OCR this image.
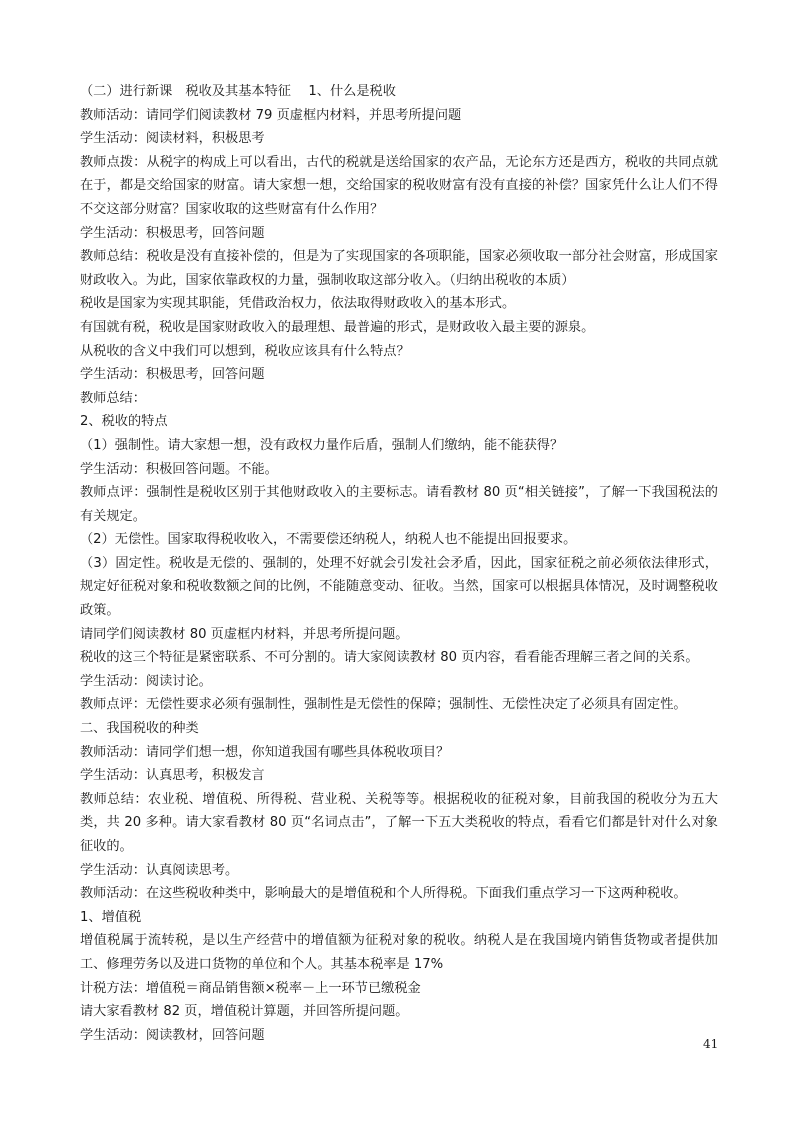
（二）进行新课　税收及其基本特征　 1、什么是税收

教师活动：请同学们阅读教材 79 页虚框内材料，并思考所提问题

学生活动：阅读材料，积极思考

教师点拨：从税字的构成上可以看出，古代的税就是送给国家的农产品，无论东方还是西方，税收的共同点就在于，都是交给国家的财富。请大家想一想，交给国家的税收财富有没有直接的补偿？国家凭什么让人们不得不交这部分财富？国家收取的这些财富有什么作用？

学生活动：积极思考，回答问题

教师总结：税收是没有直接补偿的，但是为了实现国家的各项职能，国家必须收取一部分社会财富，形成国家财政收入。为此，国家依靠政权的力量，强制收取这部分收入。（归纳出税收的本质）

税收是国家为实现其职能，凭借政治权力，依法取得财政收入的基本形式。

有国就有税，税收是国家财政收入的最理想、最普遍的形式，是财政收入最主要的源泉。

从税收的含义中我们可以想到，税收应该具有什么特点？

学生活动：积极思考，回答问题

教师总结：

2、税收的特点

（1）强制性。请大家想一想，没有政权力量作后盾，强制人们缴纳，能不能获得？

学生活动：积极回答问题。不能。

教师点评：强制性是税收区别于其他财政收入的主要标志。请看教材 80 页“相关链接”，了解一下我国税法的有关规定。

（2）无偿性。国家取得税收收入，不需要偿还纳税人，纳税人也不能提出回报要求。

（3）固定性。税收是无偿的、强制的，处理不好就会引发社会矛盾，因此，国家征税之前必须依法律形式，规定好征税对象和税收数额之间的比例，不能随意变动、征收。当然，国家可以根据具体情况，及时调整税收政策。

请同学们阅读教材 80 页虚框内材料，并思考所提问题。

税收的这三个特征是紧密联系、不可分割的。请大家阅读教材 80 页内容，看看能否理解三者之间的关系。

学生活动：阅读讨论。

教师点评：无偿性要求必须有强制性，强制性是无偿性的保障；强制性、无偿性决定了必须具有固定性。

二、我国税收的种类

教师活动：请同学们想一想，你知道我国有哪些具体税收项目？

学生活动：认真思考，积极发言

教师总结：农业税、增值税、所得税、营业税、关税等等。根据税收的征税对象，目前我国的税收分为五大类，共 20 多种。请大家看教材 80 页“名词点击”，了解一下五大类税收的特点，看看它们都是针对什么对象征收的。

学生活动：认真阅读思考。

教师活动：在这些税收种类中，影响最大的是增值税和个人所得税。下面我们重点学习一下这两种税收。

1、增值税

增值税属于流转税，是以生产经营中的增值额为征税对象的税收。纳税人是在我国境内销售货物或者提供加工、修理劳务以及进口货物的单位和个人。其基本税率是 17%

计税方法：增值税＝商品销售额×税率－上一环节已缴税金

请大家看教材 82 页，增值税计算题，并回答所提问题。

学生活动：阅读教材，回答问题

41
